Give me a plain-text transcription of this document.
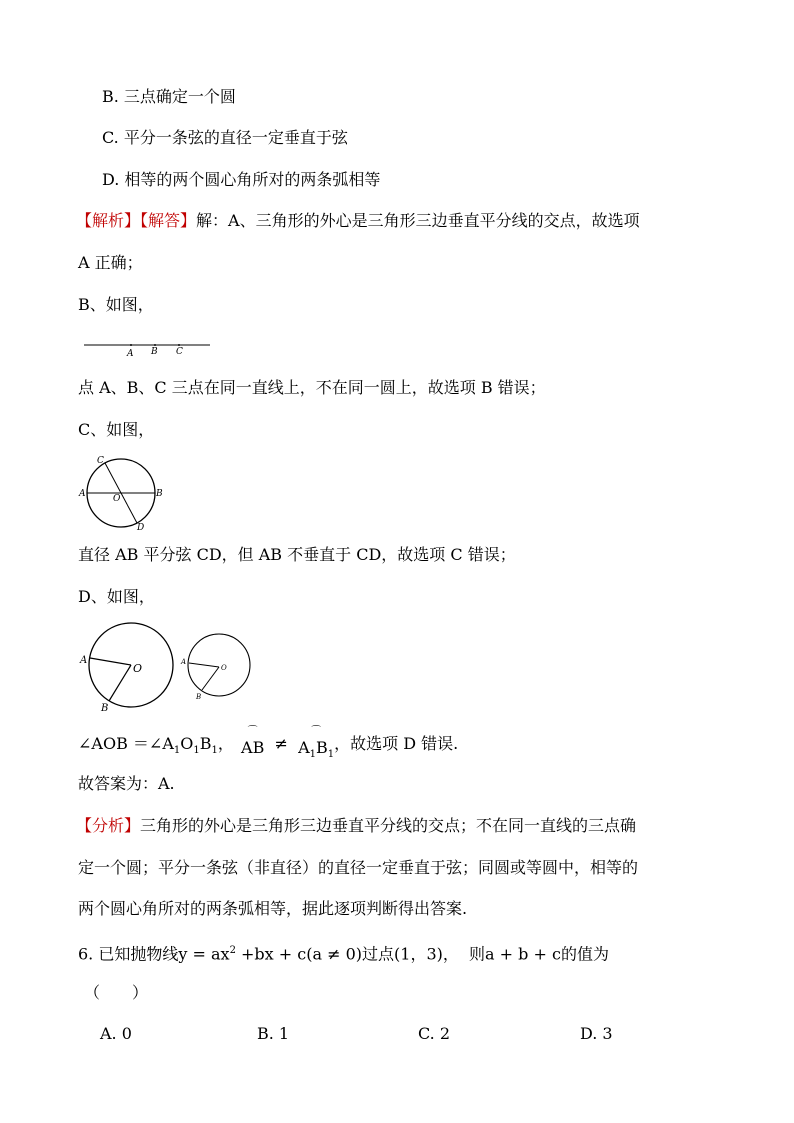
B. 三点确定一个圆
C. 平分一条弦的直径一定垂直于弦
D. 相等的两个圆心角所对的两条弧相等
【解析】【解答】解：A、三角形的外心是三角形三边垂直平分线的交点，故选项
A 正确；
B、如图，
A B C
点 A、B、C 三点在同一直线上，不在同一圆上，故选项 B 错误；
C、如图，
C
A	O	B
D
直径 AB 平分弦 CD，但 AB 不垂直于 CD，故选项 C 错误；
D、如图，
A
O
B
A
O
B
∠AOB $=\angle A_1O_1B_1$，
⌒
AB ≠
⌒
$A_1B_1$，故选项 D 错误.
故答案为：A.
【分析】三角形的外心是三角形三边垂直平分线的交点；不在同一直线的三点确
定一个圆；平分一条弦（非直径）的直径一定垂直于弦；同圆或等圆中，相等的
两个圆心角所对的两条弧相等，据此逐项判断得出答案.
6. 已知抛物线$y = ax^2 +bx + c(a \ne 0)$过点(1，3)， 则a + b + c的值为
（　　）
A. 0	B. 1	C. 2	D. 3
